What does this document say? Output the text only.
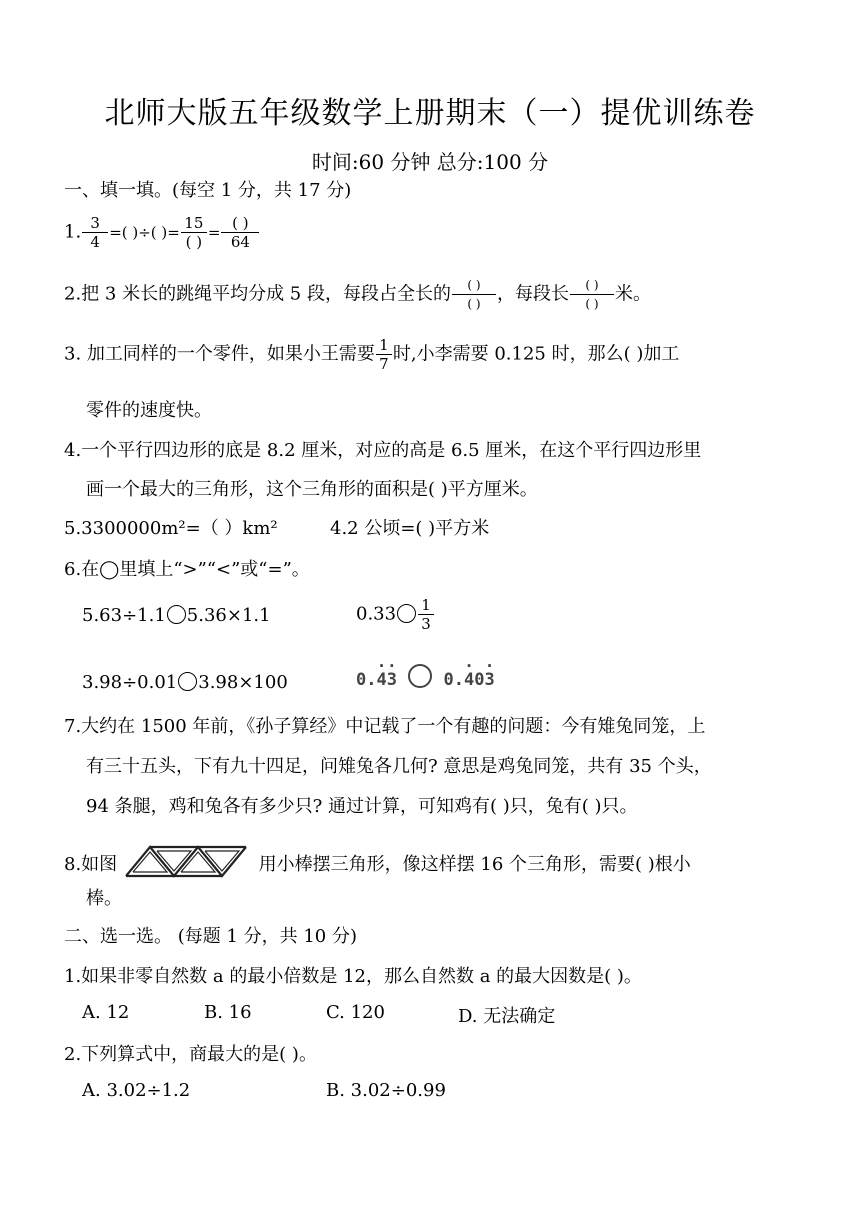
北师大版五年级数学上册期末（一）提优训练卷
时间:60 分钟 总分:100 分
一、填一填。(每空 1 分，共 17 分)
1. $\frac{3}{4}$ =( )÷( )= $\frac{15}{( )} = \frac{( )}{64}$
2.把 3 米长的跳绳平均分成 5 段，每段占全长的 $\frac{( )}{( )}$ ，每段长 $\frac{( )}{( )}$ 米。
3. 加工同样的一个零件，如果小王需要 $\frac{1}{7}$ 时,小李需要 0.125 时，那么( )加工
零件的速度快。
4.一个平行四边形的底是 8.2 厘米，对应的高是 6.5 厘米，在这个平行四边形里
画一个最大的三角形，这个三角形的面积是( )平方厘米。
5.3300000m²=（ ）km²	4.2 公顷=( )平方米
6.在◯里填上“>”“<”或“=”。
5.63÷1.1 5.36×1.1	$0.33 \frac{1}{3}$
3.98÷0.01 3.98×100	0.· 4· 3	0.· 40· 3
7.大约在 1500 年前，《孙子算经》中记载了一个有趣的问题：今有雉兔同笼，上
有三十五头，下有九十四足，问雉兔各几何? 意思是鸡兔同笼，共有 35 个头，
94 条腿，鸡和兔各有多少只? 通过计算，可知鸡有( )只，兔有( )只。
8.如图	用小棒摆三角形，像这样摆 16 个三角形，需要( )根小
棒。
二、选一选。 (每题 1 分，共 10 分)
1.如果非零自然数 a 的最小倍数是 12，那么自然数 a 的最大因数是( )。
A. 12	B. 16	C. 120	D. 无法确定
2.下列算式中，商最大的是( )。
A. 3.02÷1.2	B. 3.02÷0.99
